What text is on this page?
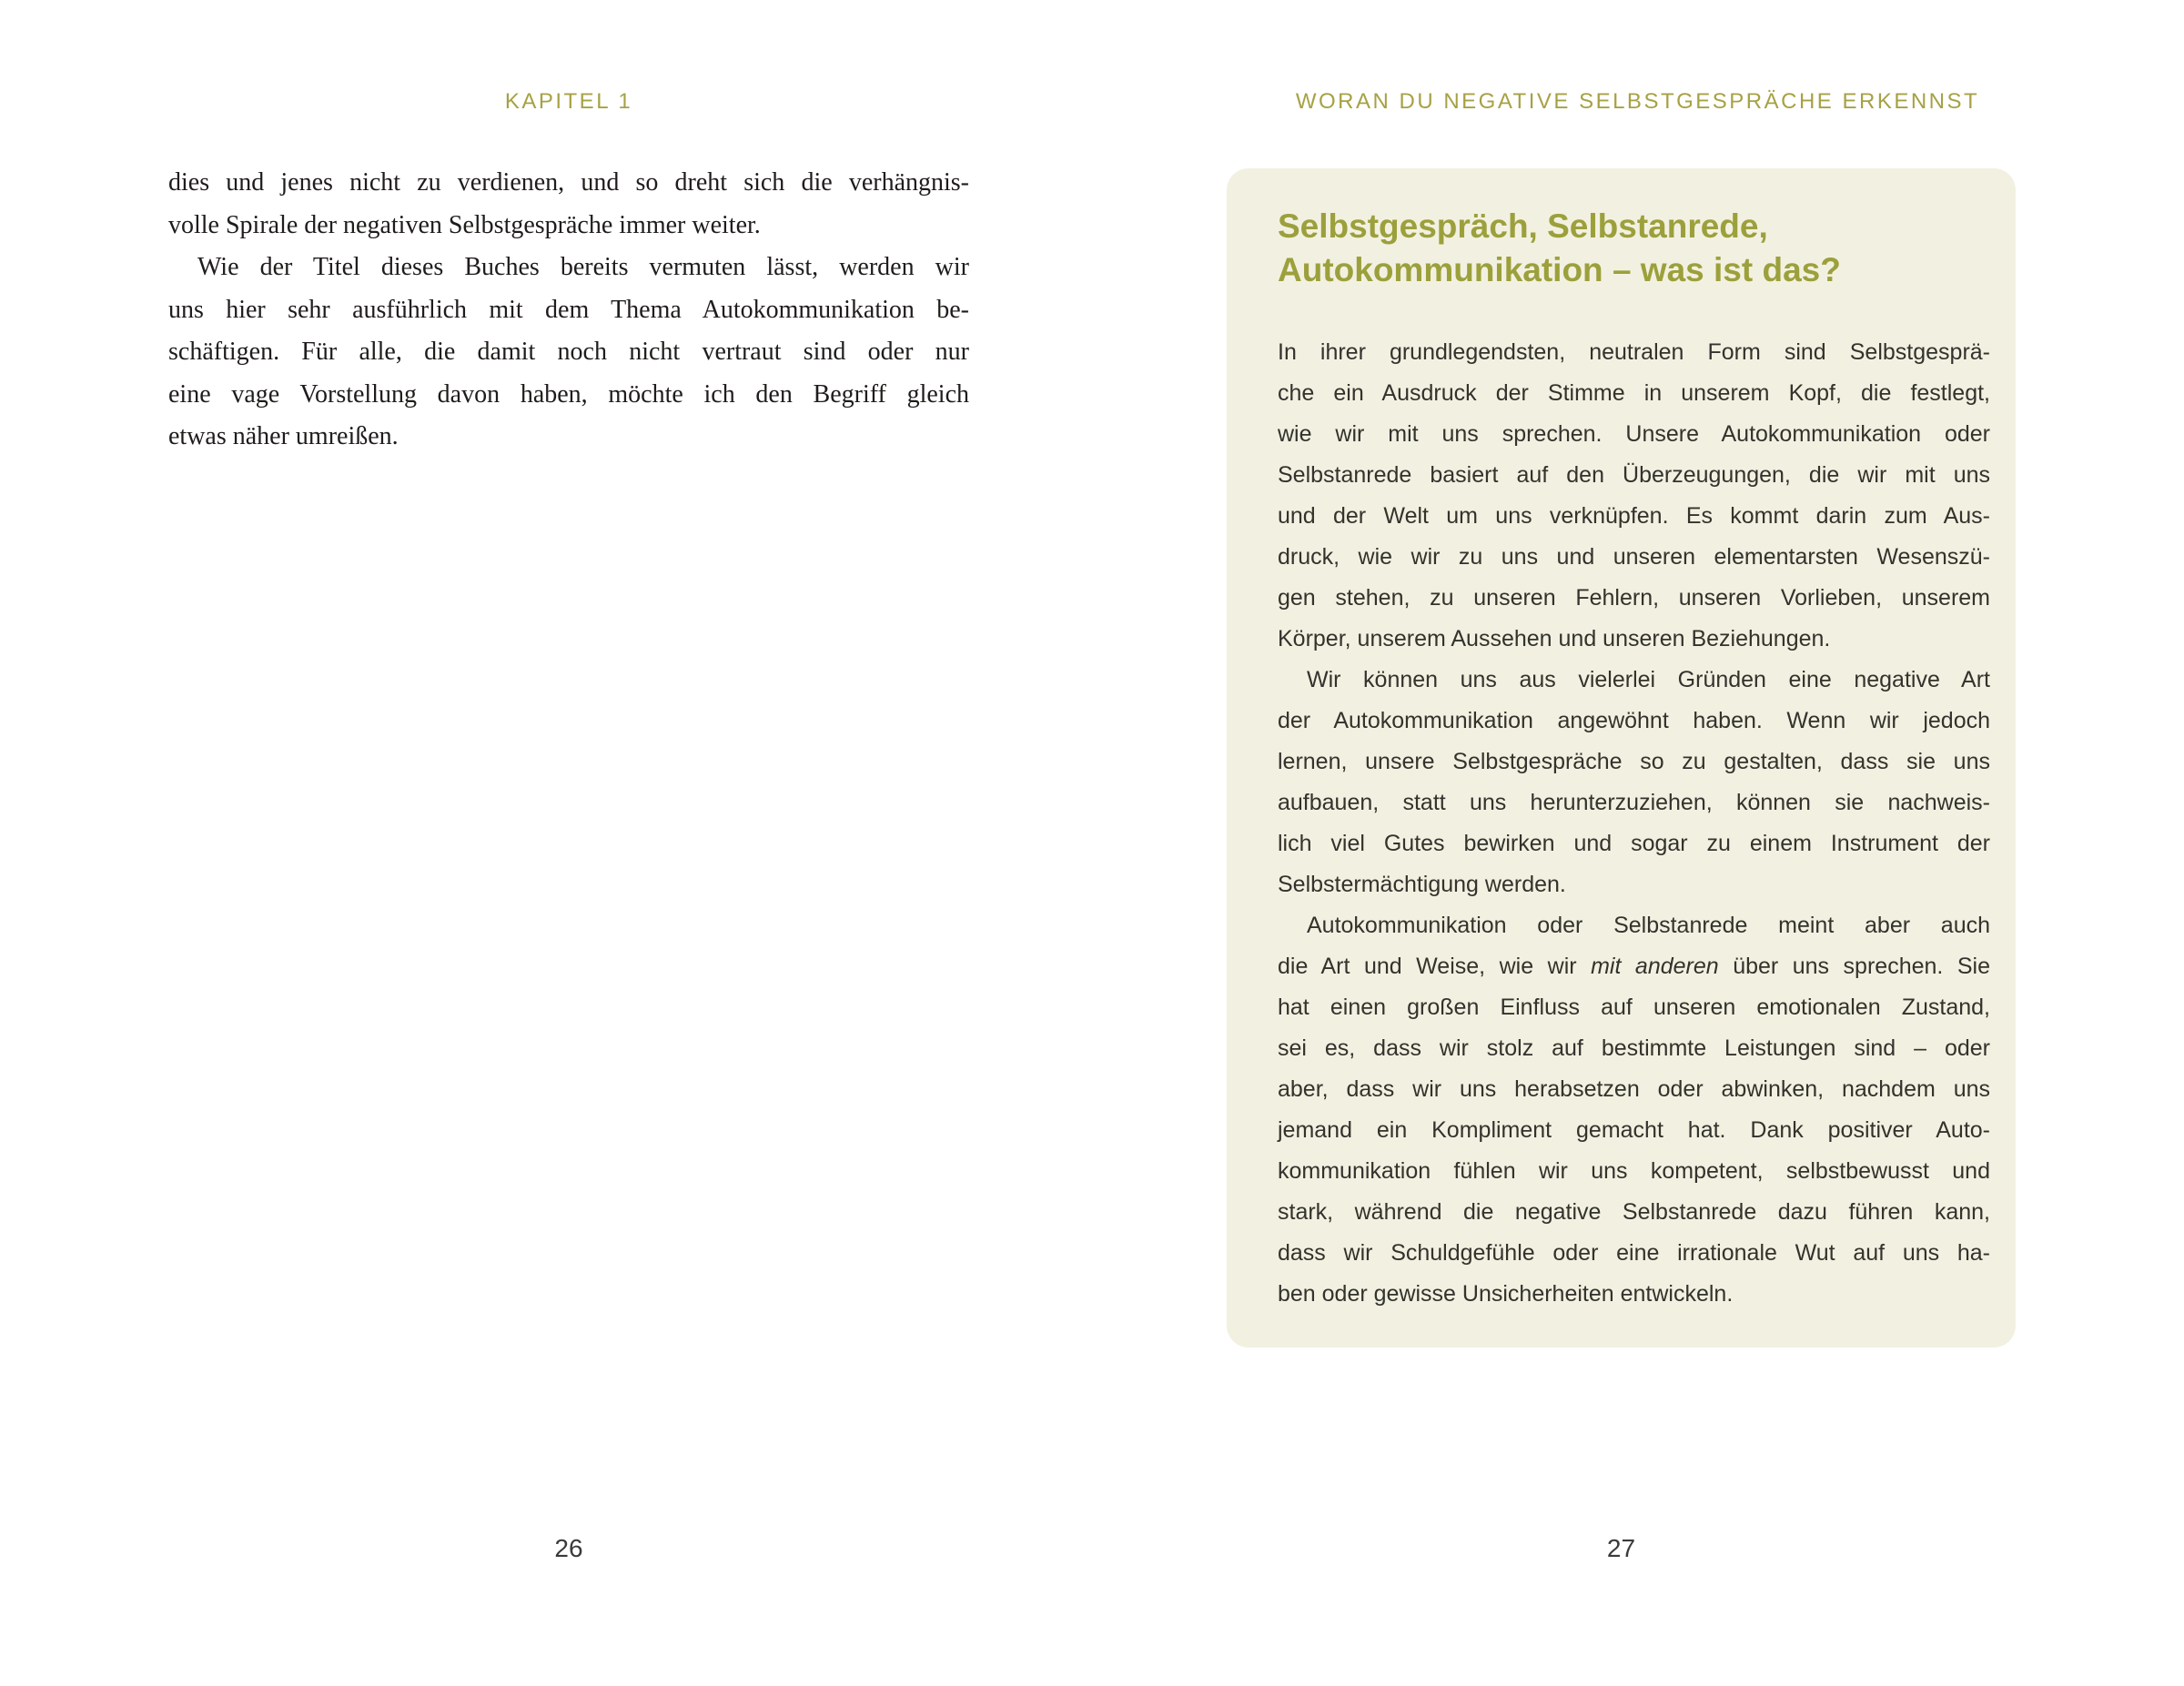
KAPITEL 1
dies und jenes nicht zu verdienen, und so dreht sich die verhängnis-
volle Spirale der negativen Selbstgespräche immer weiter.
Wie der Titel dieses Buches bereits vermuten lässt, werden wir
uns hier sehr ausführlich mit dem Thema Autokommunikation be-
schäftigen. Für alle, die damit noch nicht vertraut sind oder nur
eine vage Vorstellung davon haben, möchte ich den Begriff gleich
etwas näher umreißen.
26
WORAN DU NEGATIVE SELBSTGESPRÄCHE ERKENNST
Selbstgespräch, Selbstanrede,
Autokommunikation – was ist das?
In ihrer grundlegendsten, neutralen Form sind Selbstgesprä-
che ein Ausdruck der Stimme in unserem Kopf, die festlegt,
wie wir mit uns sprechen. Unsere Autokommunikation oder
Selbstanrede basiert auf den Überzeugungen, die wir mit uns
und der Welt um uns verknüpfen. Es kommt darin zum Aus-
druck, wie wir zu uns und unseren elementarsten Wesenszü-
gen stehen, zu unseren Fehlern, unseren Vorlieben, unserem
Körper, unserem Aussehen und unseren Beziehungen.
Wir können uns aus vielerlei Gründen eine negative Art
der Autokommunikation angewöhnt haben. Wenn wir jedoch
lernen, unsere Selbstgespräche so zu gestalten, dass sie uns
aufbauen, statt uns herunterzuziehen, können sie nachweis-
lich viel Gutes bewirken und sogar zu einem Instrument der
Selbstermächtigung werden.
Autokommunikation oder Selbstanrede meint aber auch
die Art und Weise, wie wir mit anderen über uns sprechen. Sie
hat einen großen Einfluss auf unseren emotionalen Zustand,
sei es, dass wir stolz auf bestimmte Leistungen sind – oder
aber, dass wir uns herabsetzen oder abwinken, nachdem uns
jemand ein Kompliment gemacht hat. Dank positiver Auto-
kommunikation fühlen wir uns kompetent, selbstbewusst und
stark, während die negative Selbstanrede dazu führen kann,
dass wir Schuldgefühle oder eine irrationale Wut auf uns ha-
ben oder gewisse Unsicherheiten entwickeln.
27
